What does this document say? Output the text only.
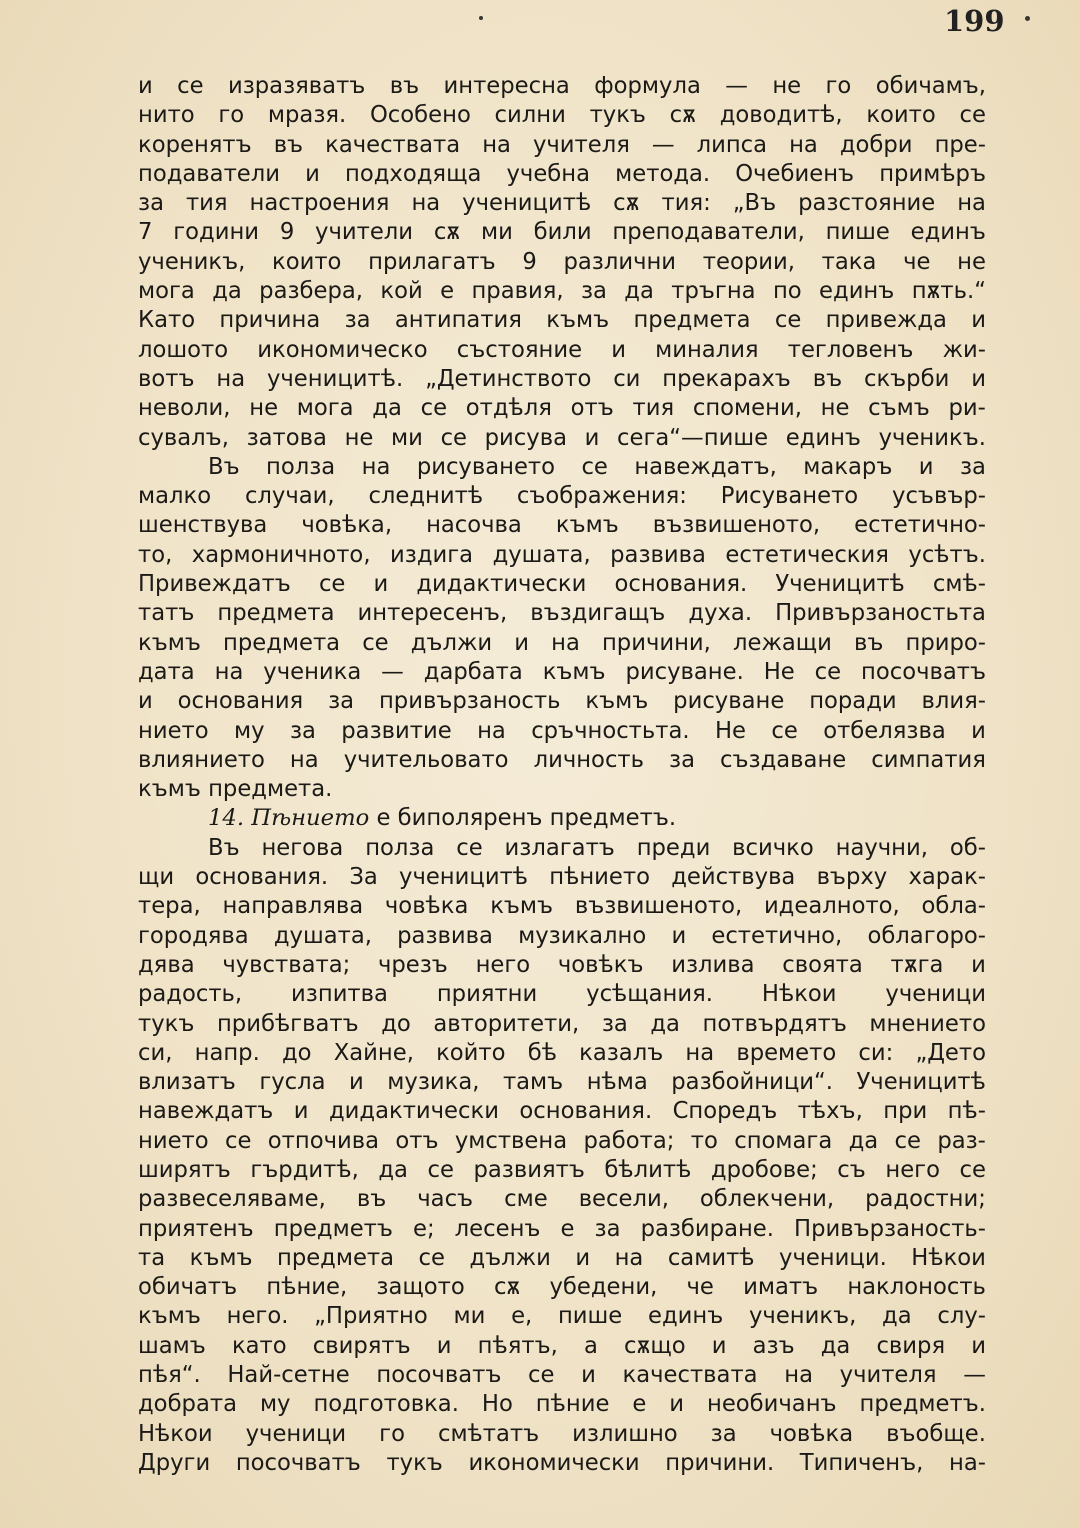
199
и се изразяватъ въ интересна формула — не го обичамъ,
нито го мразя. Особено силни тукъ сѫ доводитѣ, които се
коренятъ въ качествата на учителя — липса на добри пре-
подаватели и подходяща учебна метода. Очебиенъ примѣръ
за тия настроения на ученицитѣ сѫ тия: „Въ разстояние на
7 години 9 учители сѫ ми били преподаватели, пише единъ
ученикъ, които прилагатъ 9 различни теории, така че не
мога да разбера, кой е правия, за да тръгна по единъ пѫть.“
Като причина за антипатия къмъ предмета се привежда и
лошото икономическо състояние и миналия тегловенъ жи-
вотъ на ученицитѣ. „Детинството си прекарахъ въ скърби и
неволи, не мога да се отдѣля отъ тия спомени, не съмъ ри-
сувалъ, затова не ми се рисува и сега“—пише единъ ученикъ.
Въ полза на рисуването се навеждатъ, макаръ и за
малко случаи, следнитѣ съображения: Рисуването усъвър-
шенствува човѣка, насочва къмъ възвишеното, естетично-
то, хармоничното, издига душата, развива естетическия усѣтъ.
Привеждатъ се и дидактически основания. Ученицитѣ смѣ-
татъ предмета интересенъ, въздигащъ духа. Привързаностьта
къмъ предмета се дължи и на причини, лежащи въ приро-
дата на ученика — дарбата къмъ рисуване. Не се посочватъ
и основания за привързаность къмъ рисуване поради влия-
нието му за развитие на сръчностьта. Не се отбелязва и
влиянието на учительовато личность за създаване симпатия
къмъ предмета.
14. Пѣнието е биполяренъ предметъ.
Въ негова полза се излагатъ преди всичко научни, об-
щи основания. За ученицитѣ пѣнието действува върху харак-
тера, направлява човѣка къмъ възвишеното, идеалното, обла-
городява душата, развива музикално и естетично, облагоро-
дява чувствата; чрезъ него човѣкъ излива своята тѫга и
радость, изпитва приятни усѣщания. Нѣкои ученици
тукъ прибѣгватъ до авторитети, за да потвърдятъ мнението
си, напр. до Хайне, който бѣ казалъ на времето си: „Дето
влизатъ гусла и музика, тамъ нѣма разбойници“. Ученицитѣ
навеждатъ и дидактически основания. Споредъ тѣхъ, при пѣ-
нието се отпочива отъ умствена работа; то спомага да се раз-
ширятъ гърдитѣ, да се развиятъ бѣлитѣ дробове; съ него се
развеселяваме, въ часъ сме весели, облекчени, радостни;
приятенъ предметъ е; лесенъ е за разбиране. Привързаность-
та къмъ предмета се дължи и на самитѣ ученици. Нѣкои
обичатъ пѣние, защото сѫ убедени, че иматъ наклоность
къмъ него. „Приятно ми е, пише единъ ученикъ, да слу-
шамъ като свирятъ и пѣятъ, а сѫщо и азъ да свиря и
пѣя“. Най-сетне посочватъ се и качествата на учителя —
добрата му подготовка. Но пѣние е и необичанъ предметъ.
Нѣкои ученици го смѣтатъ излишно за човѣка въобще.
Други посочватъ тукъ икономически причини. Типиченъ, на-
